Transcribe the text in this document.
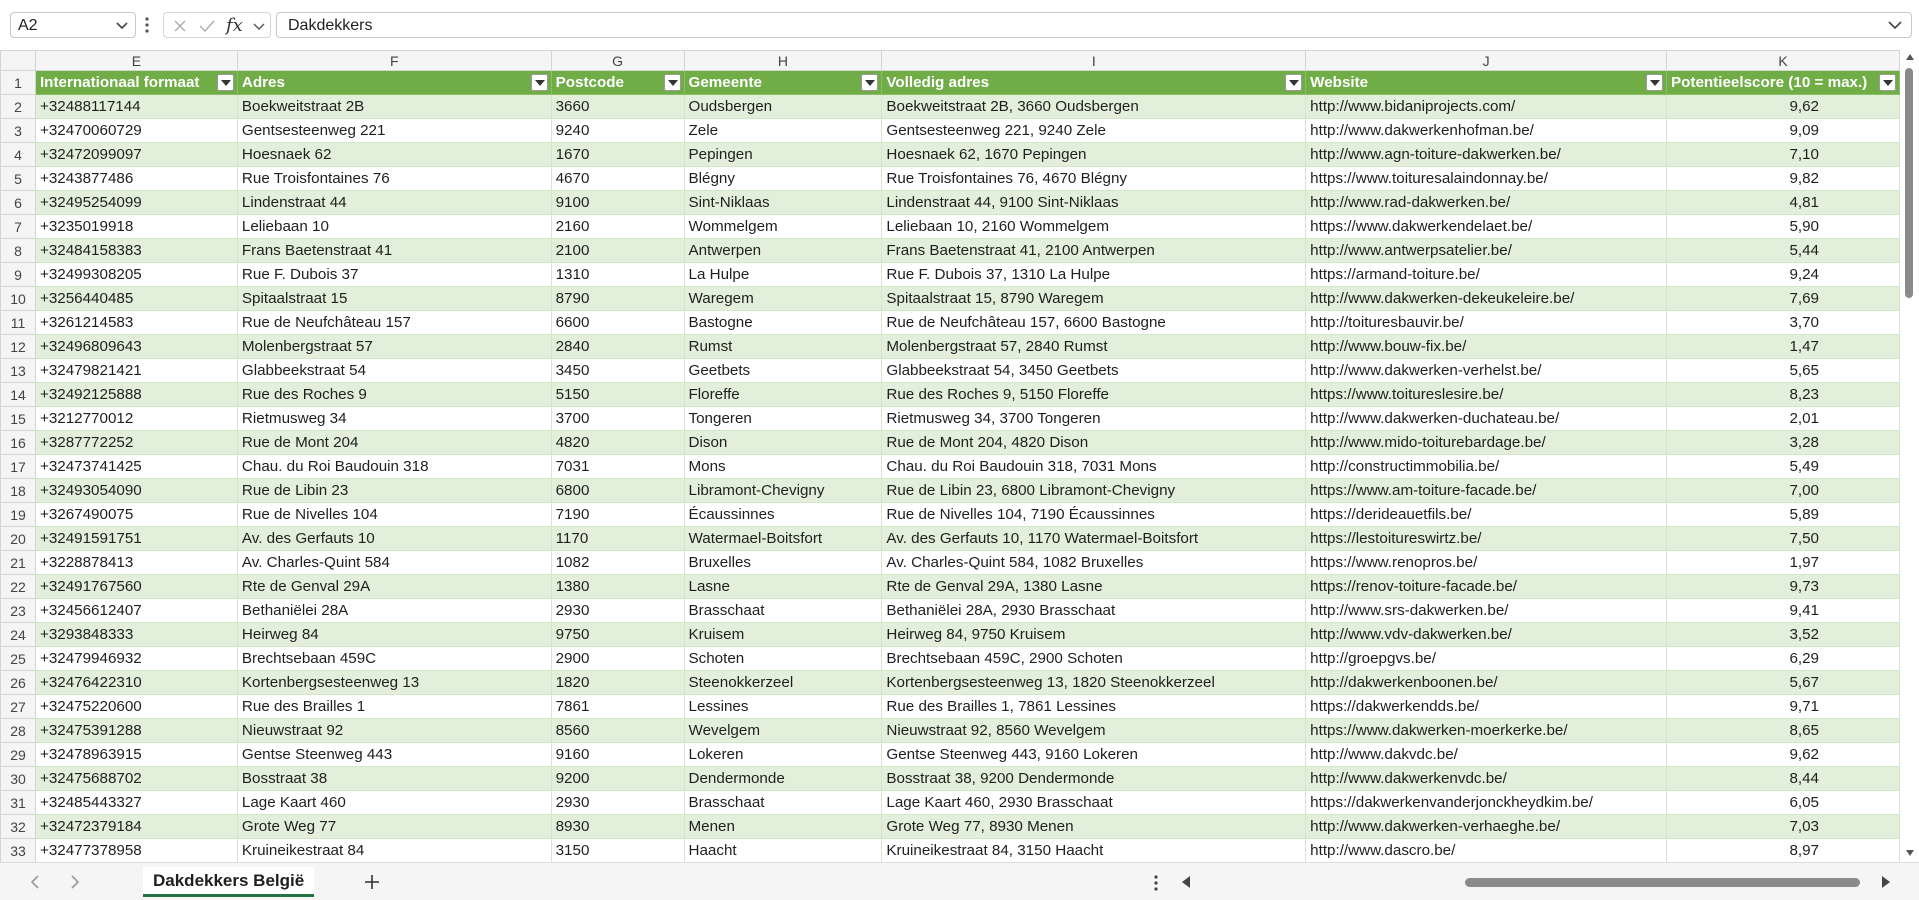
A2	fx	Dakdekkers
	E	F	G	H	I	J	K
1	Internationaal formaat	Adres	Postcode	Gemeente	Volledig adres	Website	Potentieelscore (10 = max.)

2	+32488117144	Boekweitstraat 2B	3660	Oudsbergen	Boekweitstraat 2B, 3660 Oudsbergen	http://www.bidaniprojects.com/	9,62
3	+32470060729	Gentsesteenweg 221	9240	Zele	Gentsesteenweg 221, 9240 Zele	http://www.dakwerkenhofman.be/	9,09
4	+32472099097	Hoesnaek 62	1670	Pepingen	Hoesnaek 62, 1670 Pepingen	http://www.agn-toiture-dakwerken.be/	7,10
5	+3243877486	Rue Troisfontaines 76	4670	Blégny	Rue Troisfontaines 76, 4670 Blégny	https://www.toituresalaindonnay.be/	9,82
6	+32495254099	Lindenstraat 44	9100	Sint-Niklaas	Lindenstraat 44, 9100 Sint-Niklaas	http://www.rad-dakwerken.be/	4,81
7	+3235019918	Leliebaan 10	2160	Wommelgem	Leliebaan 10, 2160 Wommelgem	https://www.dakwerkendelaet.be/	5,90
8	+32484158383	Frans Baetenstraat 41	2100	Antwerpen	Frans Baetenstraat 41, 2100 Antwerpen	http://www.antwerpsatelier.be/	5,44
9	+32499308205	Rue F. Dubois 37	1310	La Hulpe	Rue F. Dubois 37, 1310 La Hulpe	https://armand-toiture.be/	9,24
10	+3256440485	Spitaalstraat 15	8790	Waregem	Spitaalstraat 15, 8790 Waregem	http://www.dakwerken-dekeukeleire.be/	7,69
11	+3261214583	Rue de Neufchâteau 157	6600	Bastogne	Rue de Neufchâteau 157, 6600 Bastogne	http://toituresbauvir.be/	3,70
12	+32496809643	Molenbergstraat 57	2840	Rumst	Molenbergstraat 57, 2840 Rumst	http://www.bouw-fix.be/	1,47
13	+32479821421	Glabbeekstraat 54	3450	Geetbets	Glabbeekstraat 54, 3450 Geetbets	http://www.dakwerken-verhelst.be/	5,65
14	+32492125888	Rue des Roches 9	5150	Floreffe	Rue des Roches 9, 5150 Floreffe	https://www.toitureslesire.be/	8,23
15	+3212770012	Rietmusweg 34	3700	Tongeren	Rietmusweg 34, 3700 Tongeren	http://www.dakwerken-duchateau.be/	2,01
16	+3287772252	Rue de Mont 204	4820	Dison	Rue de Mont 204, 4820 Dison	http://www.mido-toiturebardage.be/	3,28
17	+32473741425	Chau. du Roi Baudouin 318	7031	Mons	Chau. du Roi Baudouin 318, 7031 Mons	http://constructimmobilia.be/	5,49
18	+32493054090	Rue de Libin 23	6800	Libramont-Chevigny	Rue de Libin 23, 6800 Libramont-Chevigny	https://www.am-toiture-facade.be/	7,00
19	+3267490075	Rue de Nivelles 104	7190	Écaussinnes	Rue de Nivelles 104, 7190 Écaussinnes	https://derideauetfils.be/	5,89
20	+32491591751	Av. des Gerfauts 10	1170	Watermael-Boitsfort	Av. des Gerfauts 10, 1170 Watermael-Boitsfort	https://lestoitureswirtz.be/	7,50
21	+3228878413	Av. Charles-Quint 584	1082	Bruxelles	Av. Charles-Quint 584, 1082 Bruxelles	https://www.renopros.be/	1,97
22	+32491767560	Rte de Genval 29A	1380	Lasne	Rte de Genval 29A, 1380 Lasne	https://renov-toiture-facade.be/	9,73
23	+32456612407	Bethaniëlei 28A	2930	Brasschaat	Bethaniëlei 28A, 2930 Brasschaat	http://www.srs-dakwerken.be/	9,41
24	+3293848333	Heirweg 84	9750	Kruisem	Heirweg 84, 9750 Kruisem	http://www.vdv-dakwerken.be/	3,52
25	+32479946932	Brechtsebaan 459C	2900	Schoten	Brechtsebaan 459C, 2900 Schoten	http://groepgvs.be/	6,29
26	+32476422310	Kortenbergsesteenweg 13	1820	Steenokkerzeel	Kortenbergsesteenweg 13, 1820 Steenokkerzeel	http://dakwerkenboonen.be/	5,67
27	+32475220600	Rue des Brailles 1	7861	Lessines	Rue des Brailles 1, 7861 Lessines	https://dakwerkendds.be/	9,71
28	+32475391288	Nieuwstraat 92	8560	Wevelgem	Nieuwstraat 92, 8560 Wevelgem	https://www.dakwerken-moerkerke.be/	8,65
29	+32478963915	Gentse Steenweg 443	9160	Lokeren	Gentse Steenweg 443, 9160 Lokeren	http://www.dakvdc.be/	9,62
30	+32475688702	Bosstraat 38	9200	Dendermonde	Bosstraat 38, 9200 Dendermonde	http://www.dakwerkenvdc.be/	8,44
31	+32485443327	Lage Kaart 460	2930	Brasschaat	Lage Kaart 460, 2930 Brasschaat	https://dakwerkenvanderjonckheydkim.be/	6,05
32	+32472379184	Grote Weg 77	8930	Menen	Grote Weg 77, 8930 Menen	http://www.dakwerken-verhaeghe.be/	7,03
33	+32477378958	Kruineikestraat 84	3150	Haacht	Kruineikestraat 84, 3150 Haacht	http://www.dascro.be/	8,97
Dakdekkers België
